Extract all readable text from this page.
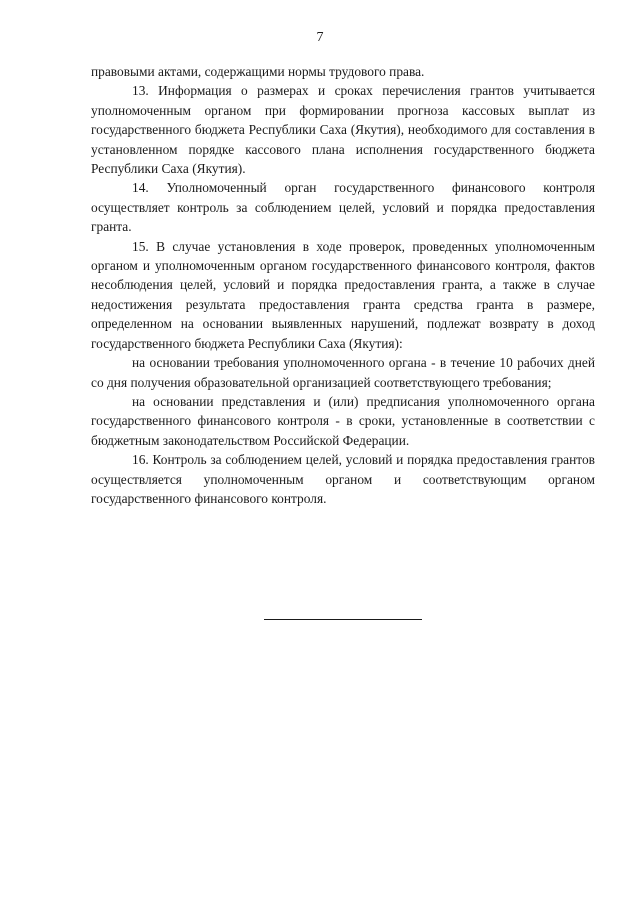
7

правовыми актами, содержащими нормы трудового права.

13. Информация о размерах и сроках перечисления грантов учитывается уполномоченным органом при формировании прогноза кассовых выплат из государственного бюджета Республики Саха (Якутия), необходимого для составления в установленном порядке кассового плана исполнения государственного бюджета Республики Саха (Якутия).

14. Уполномоченный орган государственного финансового контроля осуществляет контроль за соблюдением целей, условий и порядка предоставления гранта.

15. В случае установления в ходе проверок, проведенных уполномоченным органом и уполномоченным органом государственного финансового контроля, фактов несоблюдения целей, условий и порядка предоставления гранта, а также в случае недостижения результата предоставления гранта средства гранта в размере, определенном на основании выявленных нарушений, подлежат возврату в доход государственного бюджета Республики Саха (Якутия):

на основании требования уполномоченного органа - в течение 10 рабочих дней со дня получения образовательной организацией соответствующего требования;

на основании представления и (или) предписания уполномоченного органа государственного финансового контроля - в сроки, установленные в соответствии с бюджетным законодательством Российской Федерации.

16. Контроль за соблюдением целей, условий и порядка предоставления грантов осуществляется уполномоченным органом и соответствующим органом государственного финансового контроля.
